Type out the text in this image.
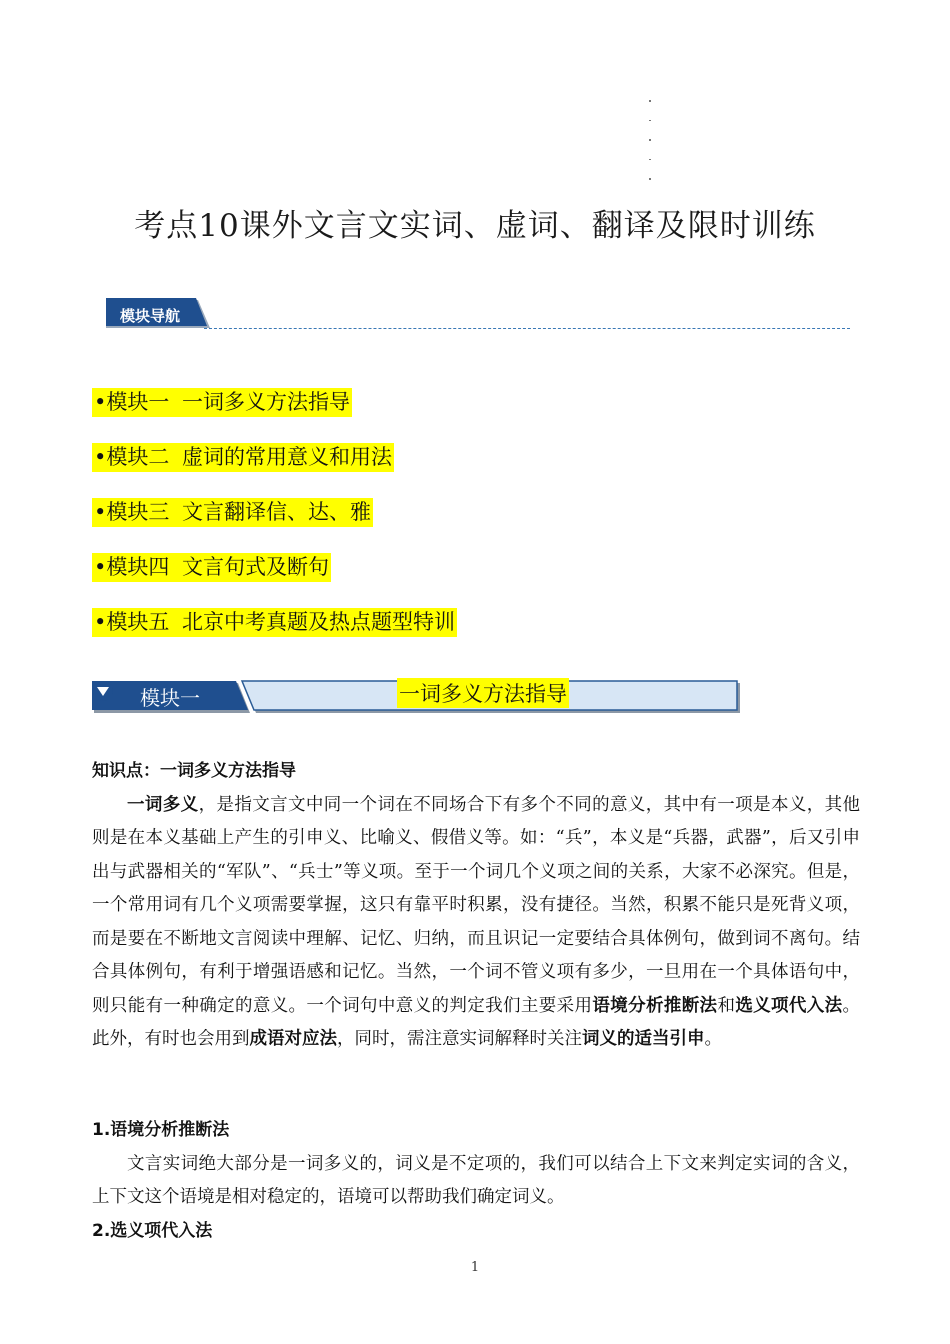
考点10课外文言文实词、虚词、翻译及限时训练
模块导航
•模块一 一词多义方法指导
•模块二 虚词的常用意义和用法
•模块三 文言翻译信、达、雅
•模块四 文言句式及断句
•模块五 北京中考真题及热点题型特训
模块一	一词多义方法指导
知识点：一词多义方法指导

一词多义，是指文言文中同一个词在不同场合下有多个不同的意义，其中有一项是本义，其他则是在本义基础上产生的引申义、比喻义、假借义等。如：“兵”，本义是“兵器，武器”，后又引申出与武器相关的“军队”、“兵士”等义项。至于一个词几个义项之间的关系，大家不必深究。但是，一个常用词有几个义项需要掌握，这只有靠平时积累，没有捷径。当然，积累不能只是死背义项，而是要在不断地文言阅读中理解、记忆、归纳，而且识记一定要结合具体例句，做到词不离句。结合具体例句，有利于增强语感和记忆。当然，一个词不管义项有多少，一旦用在一个具体语句中，则只能有一种确定的意义。一个词句中意义的判定我们主要采用语境分析推断法和选义项代入法。此外，有时也会用到成语对应法，同时，需注意实词解释时关注词义的适当引申。

1.语境分析推断法

文言实词绝大部分是一词多义的，词义是不定项的，我们可以结合上下文来判定实词的含义，上下文这个语境是相对稳定的，语境可以帮助我们确定词义。

2.选义项代入法
1
